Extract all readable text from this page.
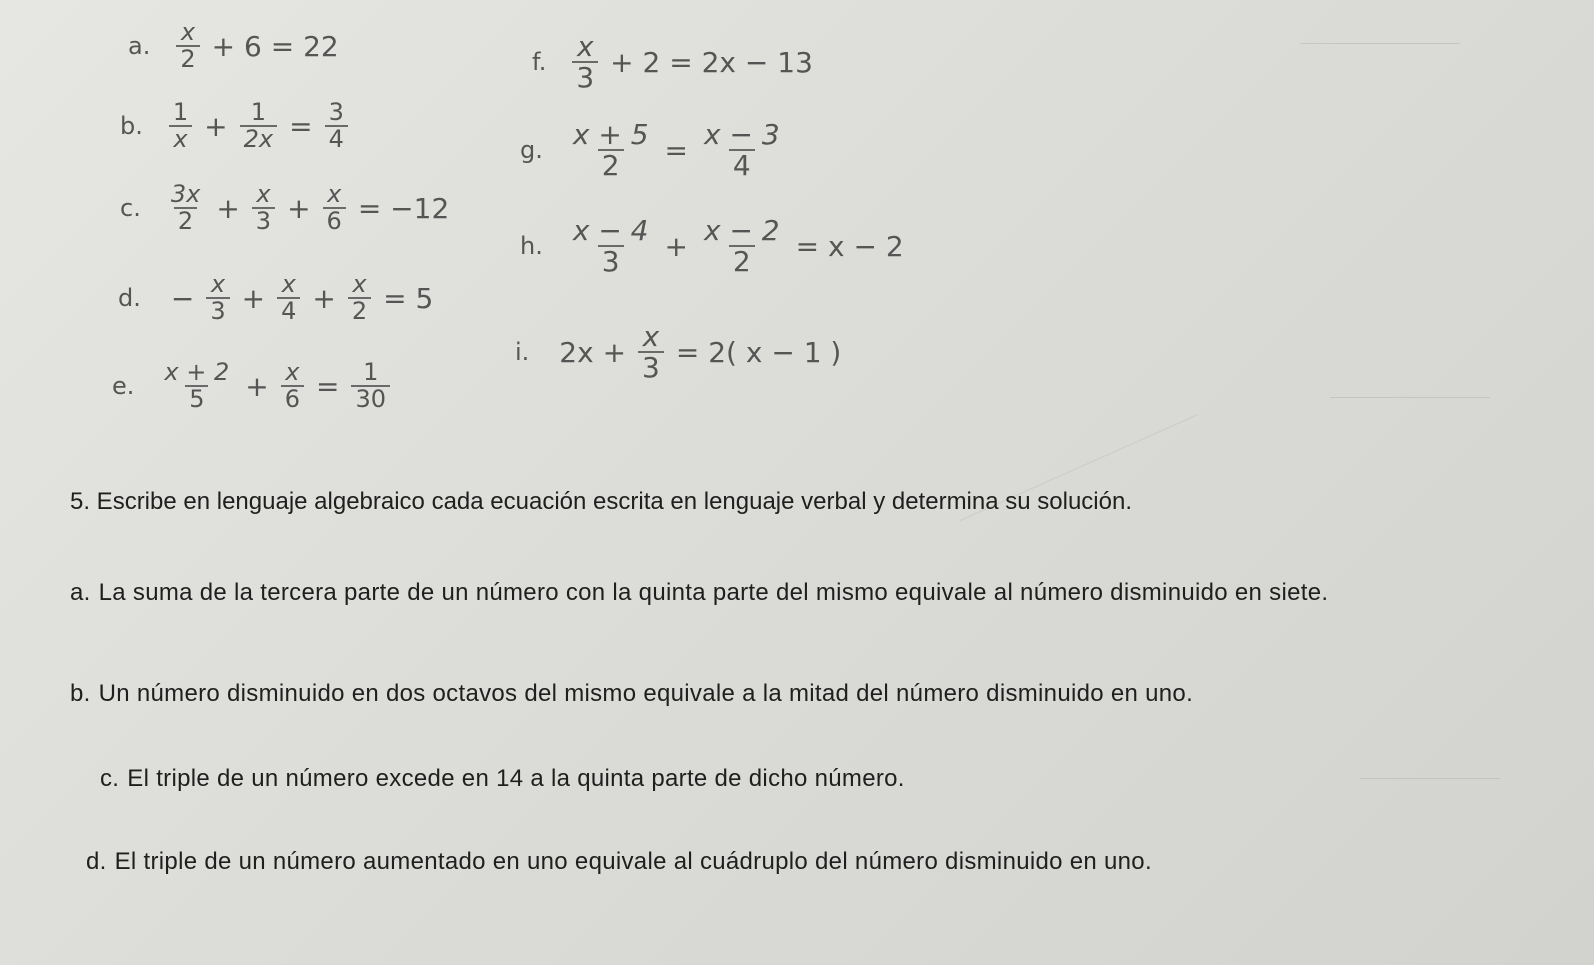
a. $\frac{x}{2} + 6 = 22$
b. $\frac{1}{x} + \frac{1}{2x} = \frac{3}{4}$
c. $\frac{3x}{2} + \frac{x}{3} + \frac{x}{6} = -12$
d. − $\frac{x}{3} + \frac{x}{4} + \frac{x}{2} = 5$
e. $\frac{x + 2}{5} + \frac{x}{6} = \frac{1}{30}$
f. $\frac{x}{3} + 2 = 2x - 13$
g. $\frac{x + 5}{2} = \frac{x - 3}{4}$
h. $\frac{x - 4}{3} + \frac{x - 2}{2} = x - 2$
i. $2x + \frac{x}{3} = 2$( x − 1 )

5. Escribe en lenguaje algebraico cada ecuación escrita en lenguaje verbal y determina su solución.

a. La suma de la tercera parte de un número con la quinta parte del mismo equivale al número disminuido en siete.

b. Un número disminuido en dos octavos del mismo equivale a la mitad del número disminuido en uno.

c. El triple de un número excede en 14 a la quinta parte de dicho número.

d. El triple de un número aumentado en uno equivale al cuádruplo del número disminuido en uno.
